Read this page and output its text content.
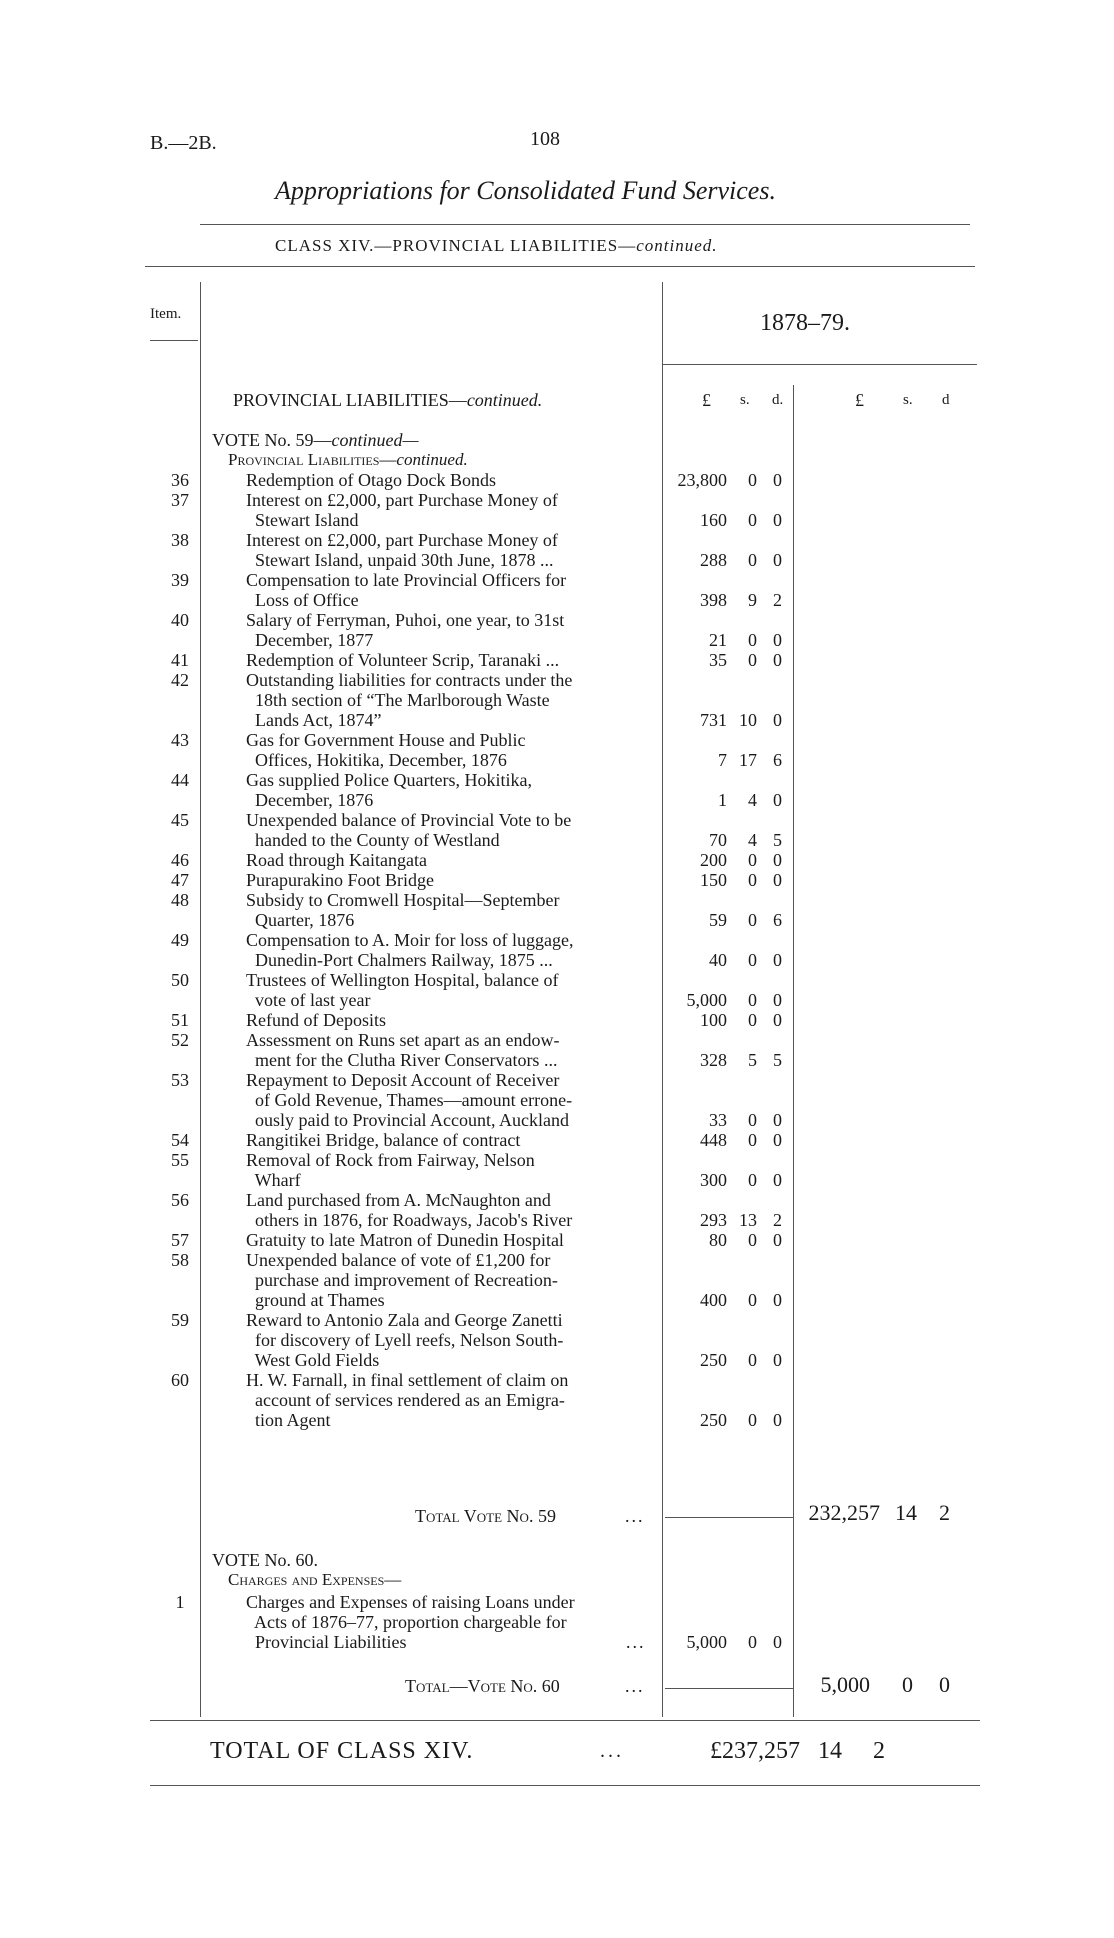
B.—2B.	108
Appropriations for Consolidated Fund Services.
CLASS XIV.—PROVINCIAL LIABILITIES—continued.
Item.	1878–79.
PROVINCIAL LIABILITIES—continued.	£ s. d.	£	s. d
VOTE No. 59—continued—
Provincial Liabilities—continued.
36	Redemption of Otago Dock Bonds	23,800	0 0
37	Interest on £2,000, part Purchase Money of
Stewart Island	160	0 0
38	Interest on £2,000, part Purchase Money of
Stewart Island, unpaid 30th June, 1878 ...	288	0 0
39	Compensation to late Provincial Officers for
Loss of Office	398	9 2
40	Salary of Ferryman, Puhoi, one year, to 31st
December, 1877	21	0 0
41	Redemption of Volunteer Scrip, Taranaki ...	35	0 0
42	Outstanding liabilities for contracts under the
18th section of “The Marlborough Waste
Lands Act, 1874”	731 10 0
43	Gas for Government House and Public
Offices, Hokitika, December, 1876	7 17 6
44	Gas supplied Police Quarters, Hokitika,
December, 1876	1	4 0
45	Unexpended balance of Provincial Vote to be
handed to the County of Westland	70	4 5
46	Road through Kaitangata	200	0 0
47	Purapurakino Foot Bridge	150	0 0
48	Subsidy to Cromwell Hospital—September
Quarter, 1876	59	0 6
49	Compensation to A. Moir for loss of luggage,
Dunedin-Port Chalmers Railway, 1875 ...	40	0 0
50	Trustees of Wellington Hospital, balance of
vote of last year	5,000	0 0
51	Refund of Deposits	100	0 0
52	Assessment on Runs set apart as an endow-
ment for the Clutha River Conservators ...	328	5 5
53	Repayment to Deposit Account of Receiver
of Gold Revenue, Thames—amount errone-
ously paid to Provincial Account, Auckland	33	0 0
54	Rangitikei Bridge, balance of contract	448	0 0
55	Removal of Rock from Fairway, Nelson
Wharf	300	0 0
56	Land purchased from A. McNaughton and
others in 1876, for Roadways, Jacob's River	293 13 2
57	Gratuity to late Matron of Dunedin Hospital	80	0 0
58	Unexpended balance of vote of £1,200 for
purchase and improvement of Recreation-
ground at Thames	400	0 0
59	Reward to Antonio Zala and George Zanetti
for discovery of Lyell reefs, Nelson South-
West Gold Fields	250	0 0
60	H. W. Farnall, in final settlement of claim on
account of services rendered as an Emigra-
tion Agent	250	0 0
Total Vote No. 59	...	232,257 14	2
VOTE No. 60.
Charges and Expenses—
1	Charges and Expenses of raising Loans under
Acts of 1876–77, proportion chargeable for
Provincial Liabilities	...	5,000	0 0
Total—Vote No. 60	...	5,000	0	0
TOTAL OF CLASS XIV.	...	£237,257 14	2
